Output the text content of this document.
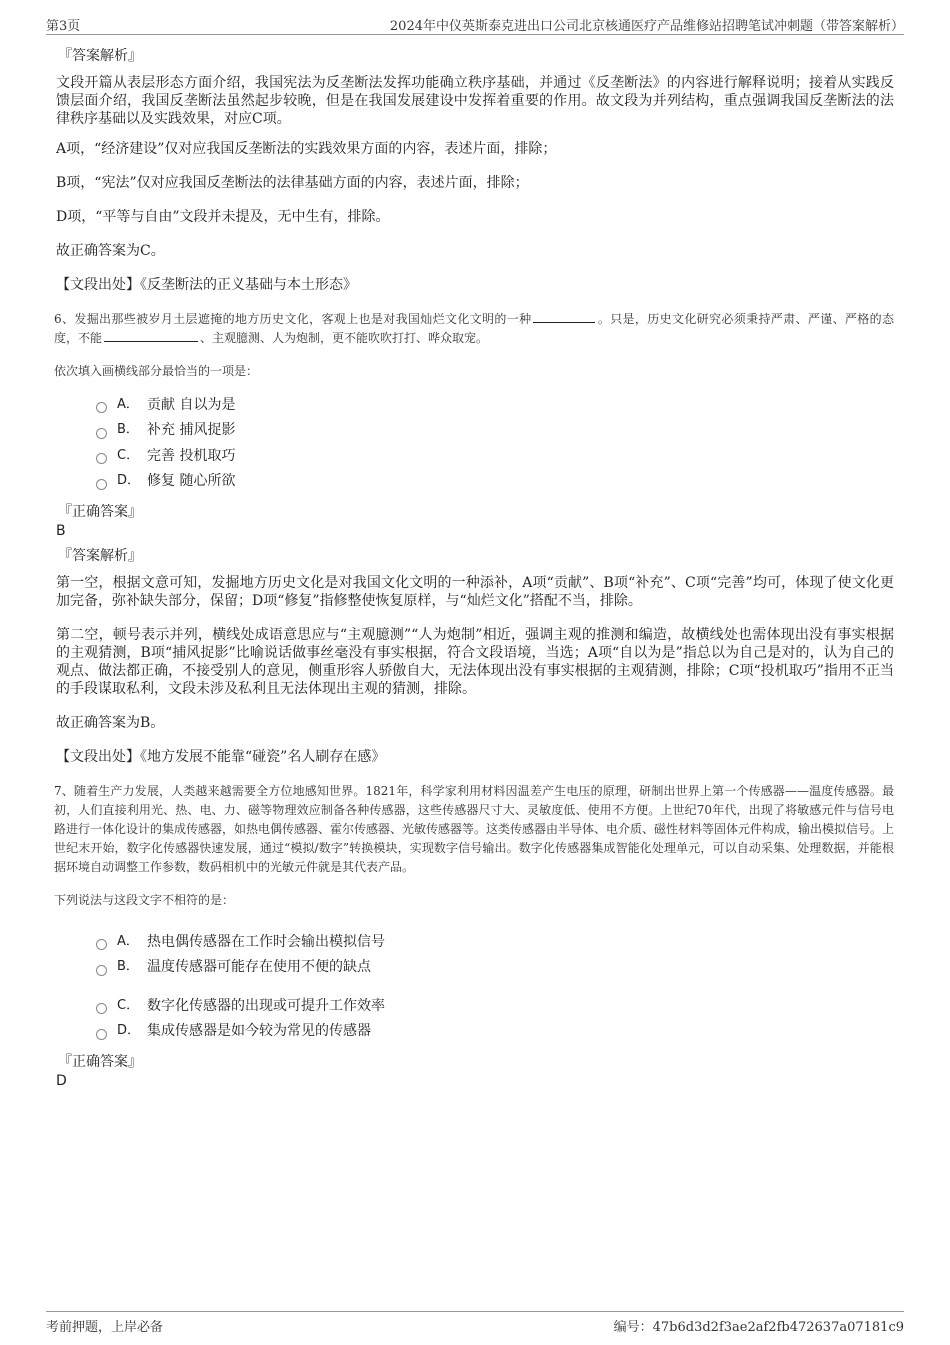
第3页	2024年中仪英斯泰克进出口公司北京核通医疗产品维修站招聘笔试冲刺题（带答案解析）
『答案解析』

文段开篇从表层形态方面介绍，我国宪法为反垄断法发挥功能确立秩序基础，并通过《反垄断法》的内容进行解释说明；接着从实践反馈层面介绍，我国反垄断法虽然起步较晚，但是在我国发展建设中发挥着重要的作用。故文段为并列结构，重点强调我国反垄断法的法律秩序基础以及实践效果，对应C项。

A项，“经济建设”仅对应我国反垄断法的实践效果方面的内容，表述片面，排除；

B项，“宪法”仅对应我国反垄断法的法律基础方面的内容，表述片面，排除；

D项，“平等与自由”文段并未提及，无中生有，排除。

故正确答案为C。

【文段出处】《反垄断法的正义基础与本土形态》

6、发掘出那些被岁月土层遮掩的地方历史文化，客观上也是对我国灿烂文化文明的一种	。只是，历史文化研究必须秉持严肃、严谨、严格的态度，不能	、主观臆测、人为炮制，更不能吹吹打打、哗众取宠。

依次填入画横线部分最恰当的一项是：

A． 贡献 自以为是
B． 补充 捕风捉影
C． 完善 投机取巧
D． 修复 随心所欲
『正确答案』
B
『答案解析』

第一空，根据文意可知，发掘地方历史文化是对我国文化文明的一种添补，A项“贡献”、B项“补充”、C项“完善”均可，体现了使文化更加完备，弥补缺失部分，保留；D项“修复”指修整使恢复原样，与“灿烂文化”搭配不当，排除。

第二空，顿号表示并列，横线处成语意思应与“主观臆测”“人为炮制”相近，强调主观的推测和编造，故横线处也需体现出没有事实根据的主观猜测，B项“捕风捉影”比喻说话做事丝毫没有事实根据，符合文段语境，当选；A项“自以为是”指总以为自己是对的，认为自己的观点、做法都正确，不接受别人的意见，侧重形容人骄傲自大，无法体现出没有事实根据的主观猜测，排除；C项“投机取巧”指用不正当的手段谋取私利，文段未涉及私利且无法体现出主观的猜测，排除。

故正确答案为B。

【文段出处】《地方发展不能靠“碰瓷”名人刷存在感》

7、随着生产力发展，人类越来越需要全方位地感知世界。1821年，科学家利用材料因温差产生电压的原理，研制出世界上第一个传感器——温度传感器。最初，人们直接利用光、热、电、力、磁等物理效应制备各种传感器，这些传感器尺寸大、灵敏度低、使用不方便。上世纪70年代，出现了将敏感元件与信号电路进行一体化设计的集成传感器，如热电偶传感器、霍尔传感器、光敏传感器等。这类传感器由半导体、电介质、磁性材料等固体元件构成，输出模拟信号。上世纪末开始，数字化传感器快速发展，通过“模拟/数字”转换模块，实现数字信号输出。数字化传感器集成智能化处理单元，可以自动采集、处理数据，并能根据环境自动调整工作参数，数码相机中的光敏元件就是其代表产品。

下列说法与这段文字不相符的是：

A． 热电偶传感器在工作时会输出模拟信号
B． 温度传感器可能存在使用不便的缺点
C． 数字化传感器的出现或可提升工作效率
D． 集成传感器是如今较为常见的传感器
『正确答案』
D
考前押题，上岸必备	编号：47b6d3d2f3ae2af2fb472637a07181c9
